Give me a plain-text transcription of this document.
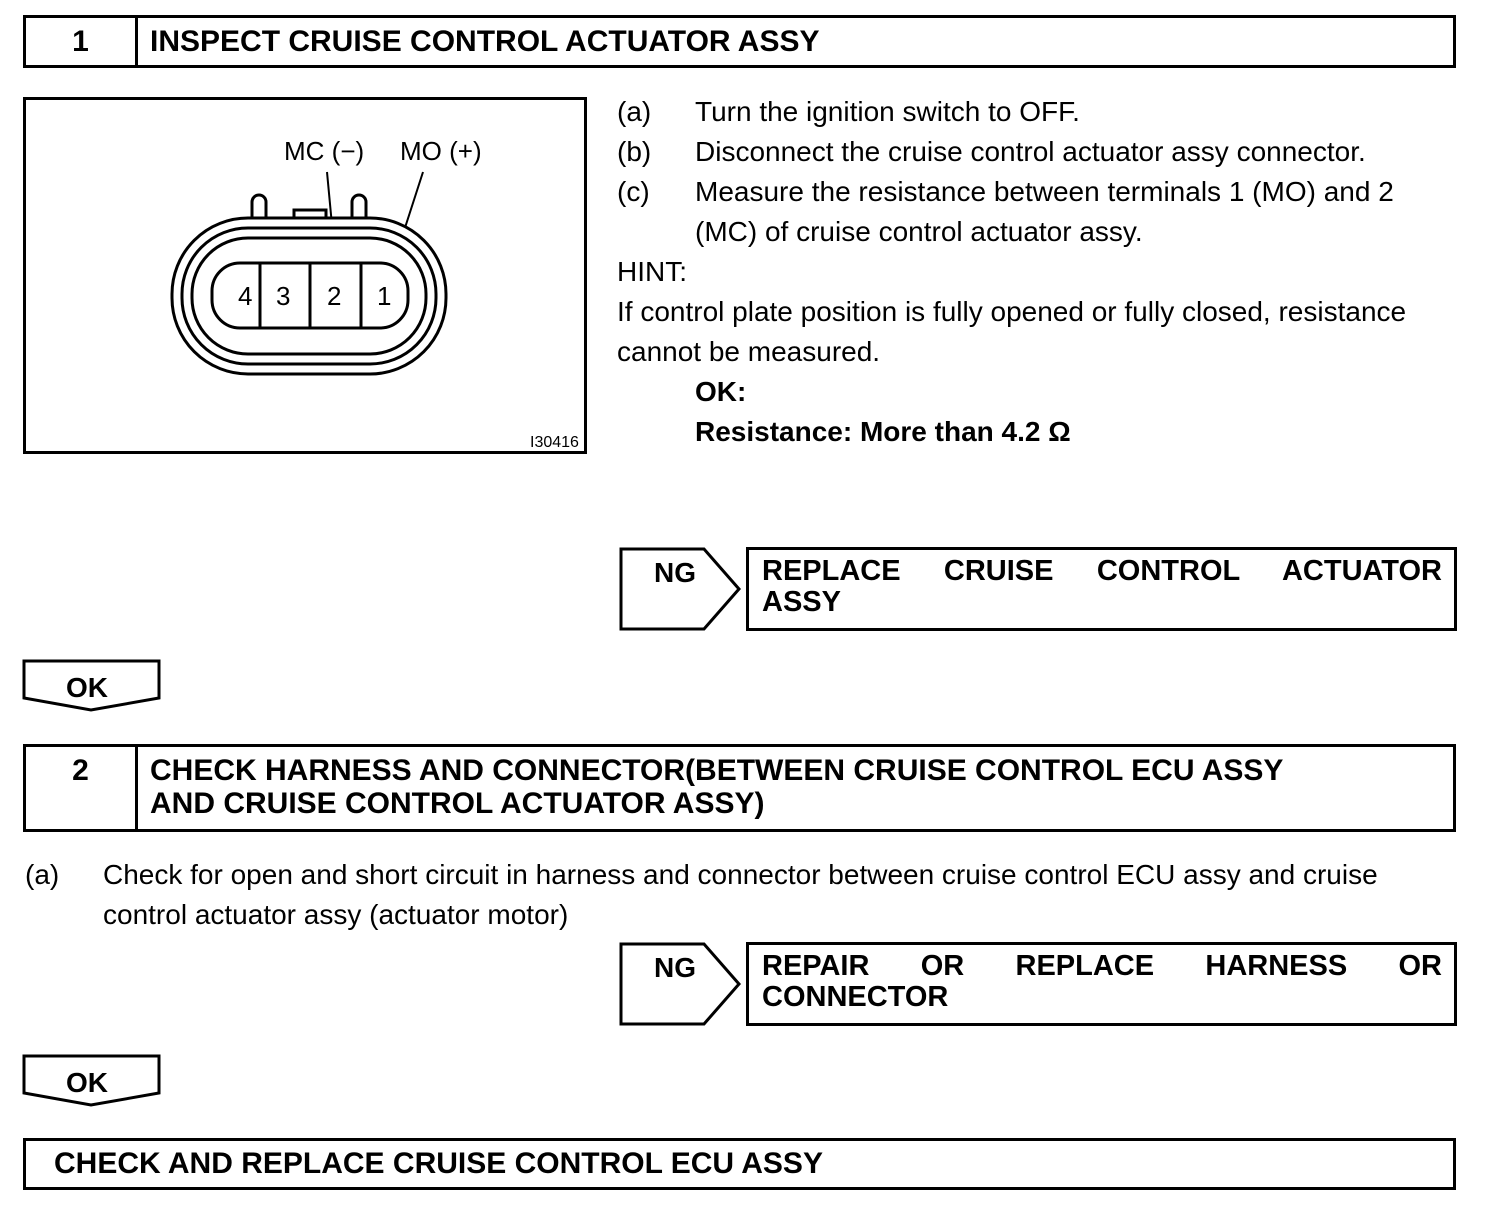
1	INSPECT CRUISE CONTROL ACTUATOR ASSY
MC (−) MO (+)
4 3 2 1
I30416
(a) Turn the ignition switch to OFF.
(b) Disconnect the cruise control actuator assy connector.
(c) Measure the resistance between terminals 1 (MO) and 2
(MC) of cruise control actuator assy.
HINT:
If control plate position is fully opened or fully closed, resistance
cannot be measured.
OK:
Resistance: More than 4.2 Ω
NG REPLACE CRUISE CONTROL ACTUATOR
ASSY
OK
2	CHECK HARNESS AND CONNECTOR(BETWEEN CRUISE CONTROL ECU ASSY
AND CRUISE CONTROL ACTUATOR ASSY)
(a) Check for open and short circuit in harness and connector between cruise control ECU assy and cruise
control actuator assy (actuator motor)
NG REPAIR OR REPLACE HARNESS OR
CONNECTOR
OK
CHECK AND REPLACE CRUISE CONTROL ECU ASSY
